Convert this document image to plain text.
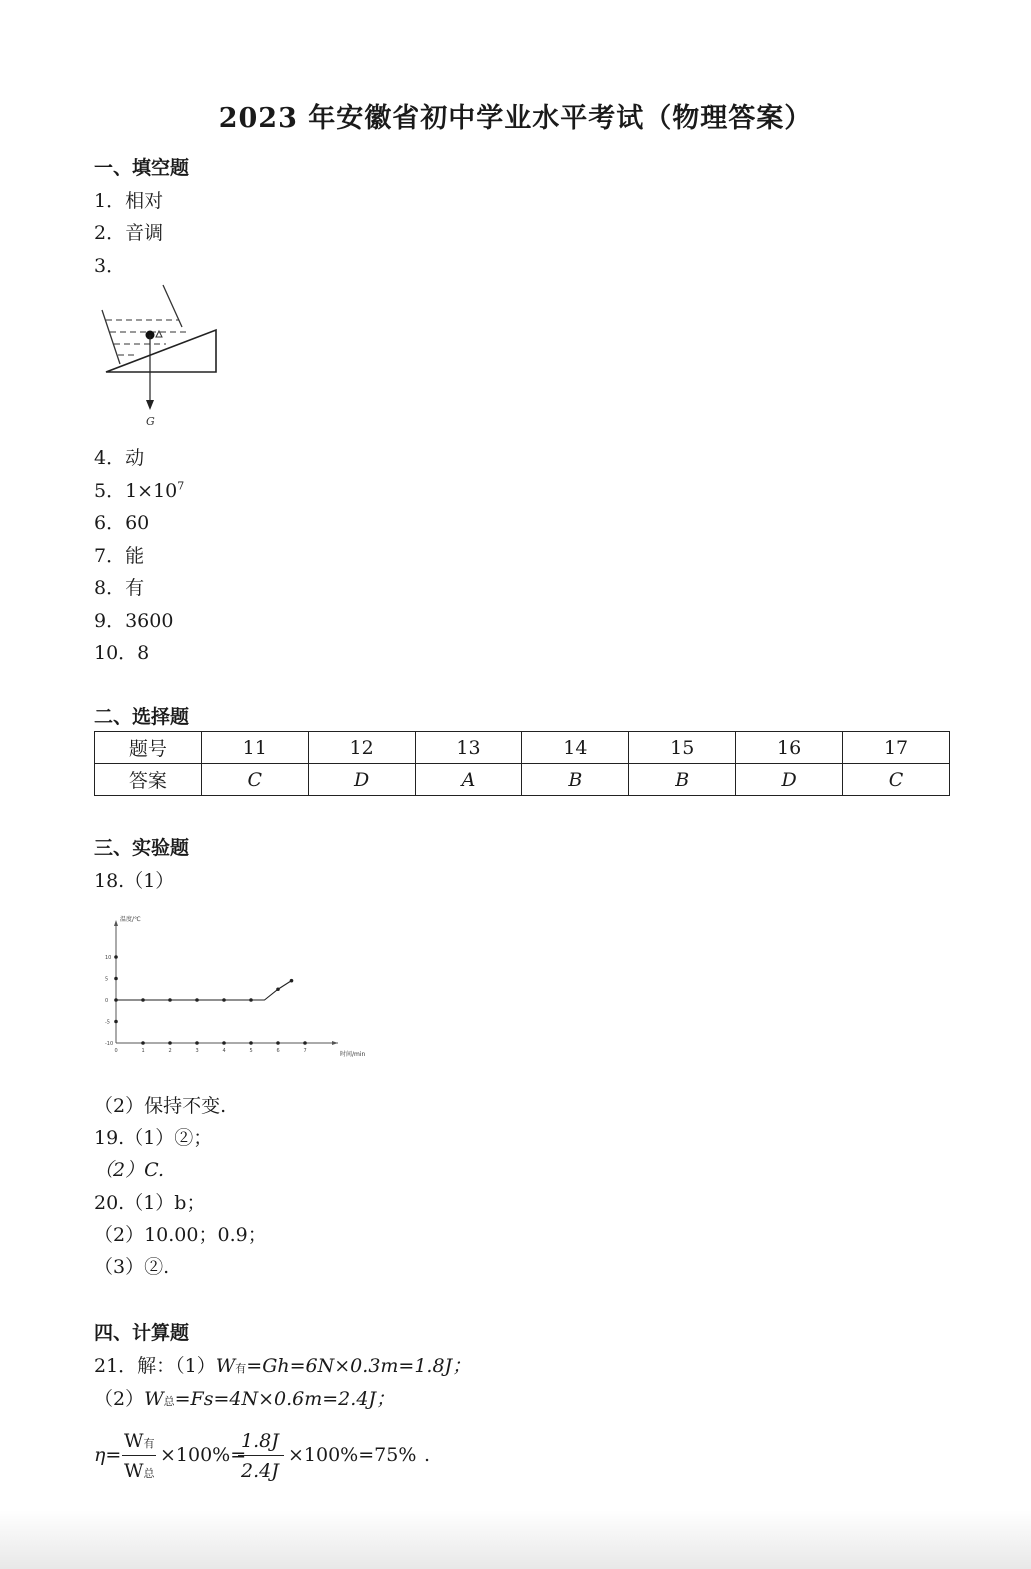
2023 年安徽省初中学业水平考试（物理答案）
一、填空题
1．相对
2．音调
3．
G
4．动
5．$1\times 10^7$
6．60
7．能
8．有
9．3600
10．8
二、选择题
题号	11	12	13	14	15	16	17
答案	C	D	A	B	B	D	C
三、实验题
18.（1）
温度/℃
时间/min
10
5
0
-5
-10
0	1	2	3	4	5	6	7
（2）保持不变.
19.（1）②；
（2）C.
20.（1）b；
（2）10.00；0.9；
（3）②.
四、计算题
21．解：（1）W有=Gh=6N×0.3m=1.8J；
（2）W总=Fs=4N×0.6m=2.4J；
η=
W有
W总
×100%=
1.8J
2.4J
×100%=75% .
